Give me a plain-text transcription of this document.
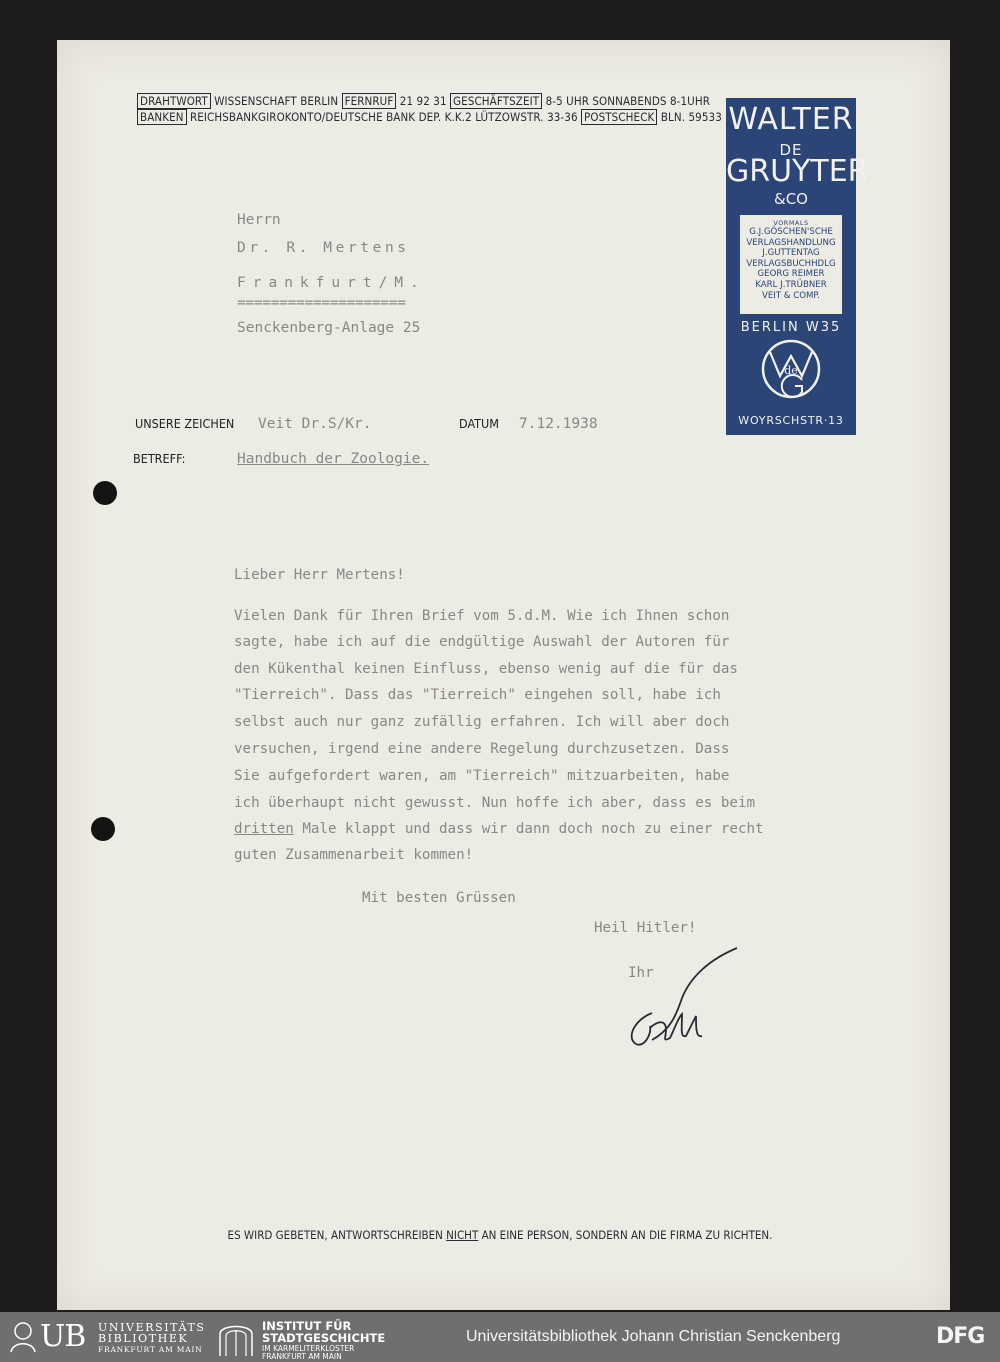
DRAHTWORT WISSENSCHAFT BERLIN FERNRUF 21 92 31 GESCHÄFTSZEIT 8-5 UHR SONNABENDS 8-1UHR
BANKEN REICHSBANKGIROKONTO/DEUTSCHE BANK DEP. K.K.2 LÜTZOWSTR. 33-36 POSTSCHECK BLN. 59533 WALTER
DE
GRUYTER
&CO
VORMALS
G.J.GÖSCHEN'SCHE
VERLAGSHANDLUNG
J.GUTTENTAG
VERLAGSBUCHHDLG
GEORG REIMER
KARL J.TRÜBNER
VEIT & COMP.
BERLIN W35
de
WOYRSCHSTR·13
Herrn
Dr. R. Mertens
Frankfurt/M.
====================
Senckenberg-Anlage 25
UNSERE ZEICHEN Veit Dr.S/Kr.	DATUM 7.12.1938
BETREFF:	Handbuch der Zoologie.
Lieber Herr Mertens!
Vielen Dank für Ihren Brief vom 5.d.M. Wie ich Ihnen schon
sagte, habe ich auf die endgültige Auswahl der Autoren für
den Kükenthal keinen Einfluss, ebenso wenig auf die für das
"Tierreich". Dass das "Tierreich" eingehen soll, habe ich
selbst auch nur ganz zufällig erfahren. Ich will aber doch
versuchen, irgend eine andere Regelung durchzusetzen. Dass
Sie aufgefordert waren, am "Tierreich" mitzuarbeiten, habe
ich überhaupt nicht gewusst. Nun hoffe ich aber, dass es beim
dritten Male klappt und dass wir dann doch noch zu einer recht
guten Zusammenarbeit kommen!
Mit besten Grüssen
Heil Hitler!
Ihr
ES WIRD GEBETEN, ANTWORTSCHREIBEN NICHT AN EINE PERSON, SONDERN AN DIE FIRMA ZU RICHTEN.
UB UNIVERSITÄTS
BIBLIOTHEK
FRANKFURT AM MAIN
INSTITUT FÜR
STADTGESCHICHTE
IM KARMELITERKLOSTER
FRANKFURT AM MAIN
Universitätsbibliothek Johann Christian Senckenberg	DFG
